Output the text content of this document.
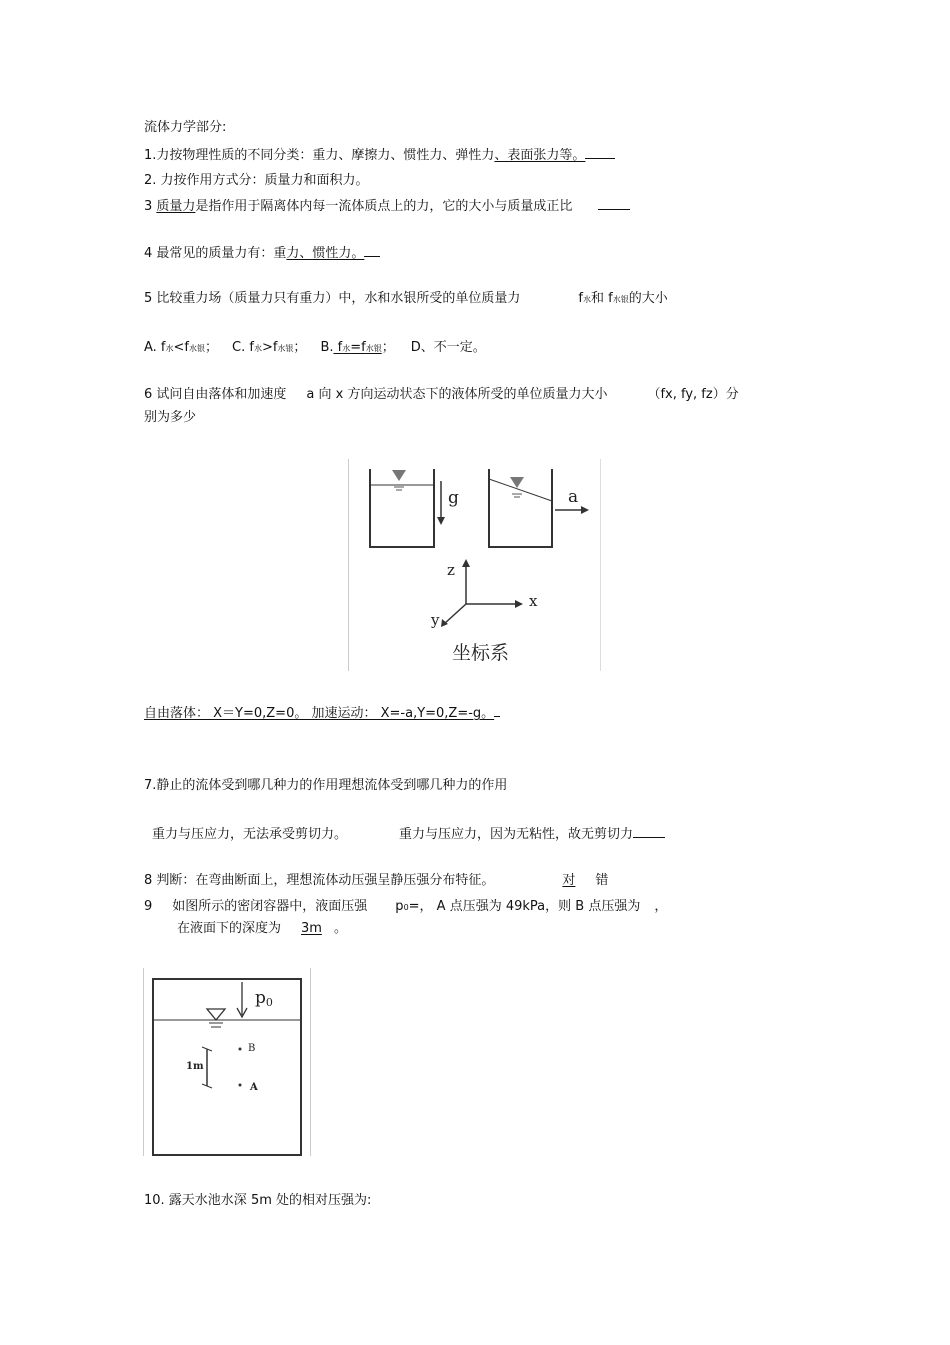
流体力学部分:
1.力按物理性质的不同分类：重力、摩擦力、惯性力、弹性力、表面张力等。
2. 力按作用方式分：质量力和面积力。
3 质量力是指作用于隔离体内每一流体质点上的力，它的大小与质量成正比
4 最常见的质量力有：重力、惯性力。
5 比较重力场（质量力只有重力）中，水和水银所受的单位质量力	f水和 f水银的大小
A. f水<f水银； C. f水>f水银； B. f水=f水银； D、不一定。
6 试问自由落体和加速度 a 向 x 方向运动状态下的液体所受的单位质量力大小	（fx, fy, fz）分
别为多少
g	a
z
x
y
坐标系
自由落体： X＝Y=0,Z=0。 加速运动： X=-a,Y=0,Z=-g。
7.静止的流体受到哪几种力的作用理想流体受到哪几种力的作用
重力与压应力，无法承受剪切力。	重力与压应力，因为无粘性，故无剪切力
8 判断：在弯曲断面上，理想流体动压强呈静压强分布特征。	对 错
9 如图所示的密闭容器中，液面压强 p0=， A 点压强为 49kPa，则 B 点压强为 ，
在液面下的深度为 3m 。
p0
1m
B
A
10. 露天水池水深 5m 处的相对压强为:
